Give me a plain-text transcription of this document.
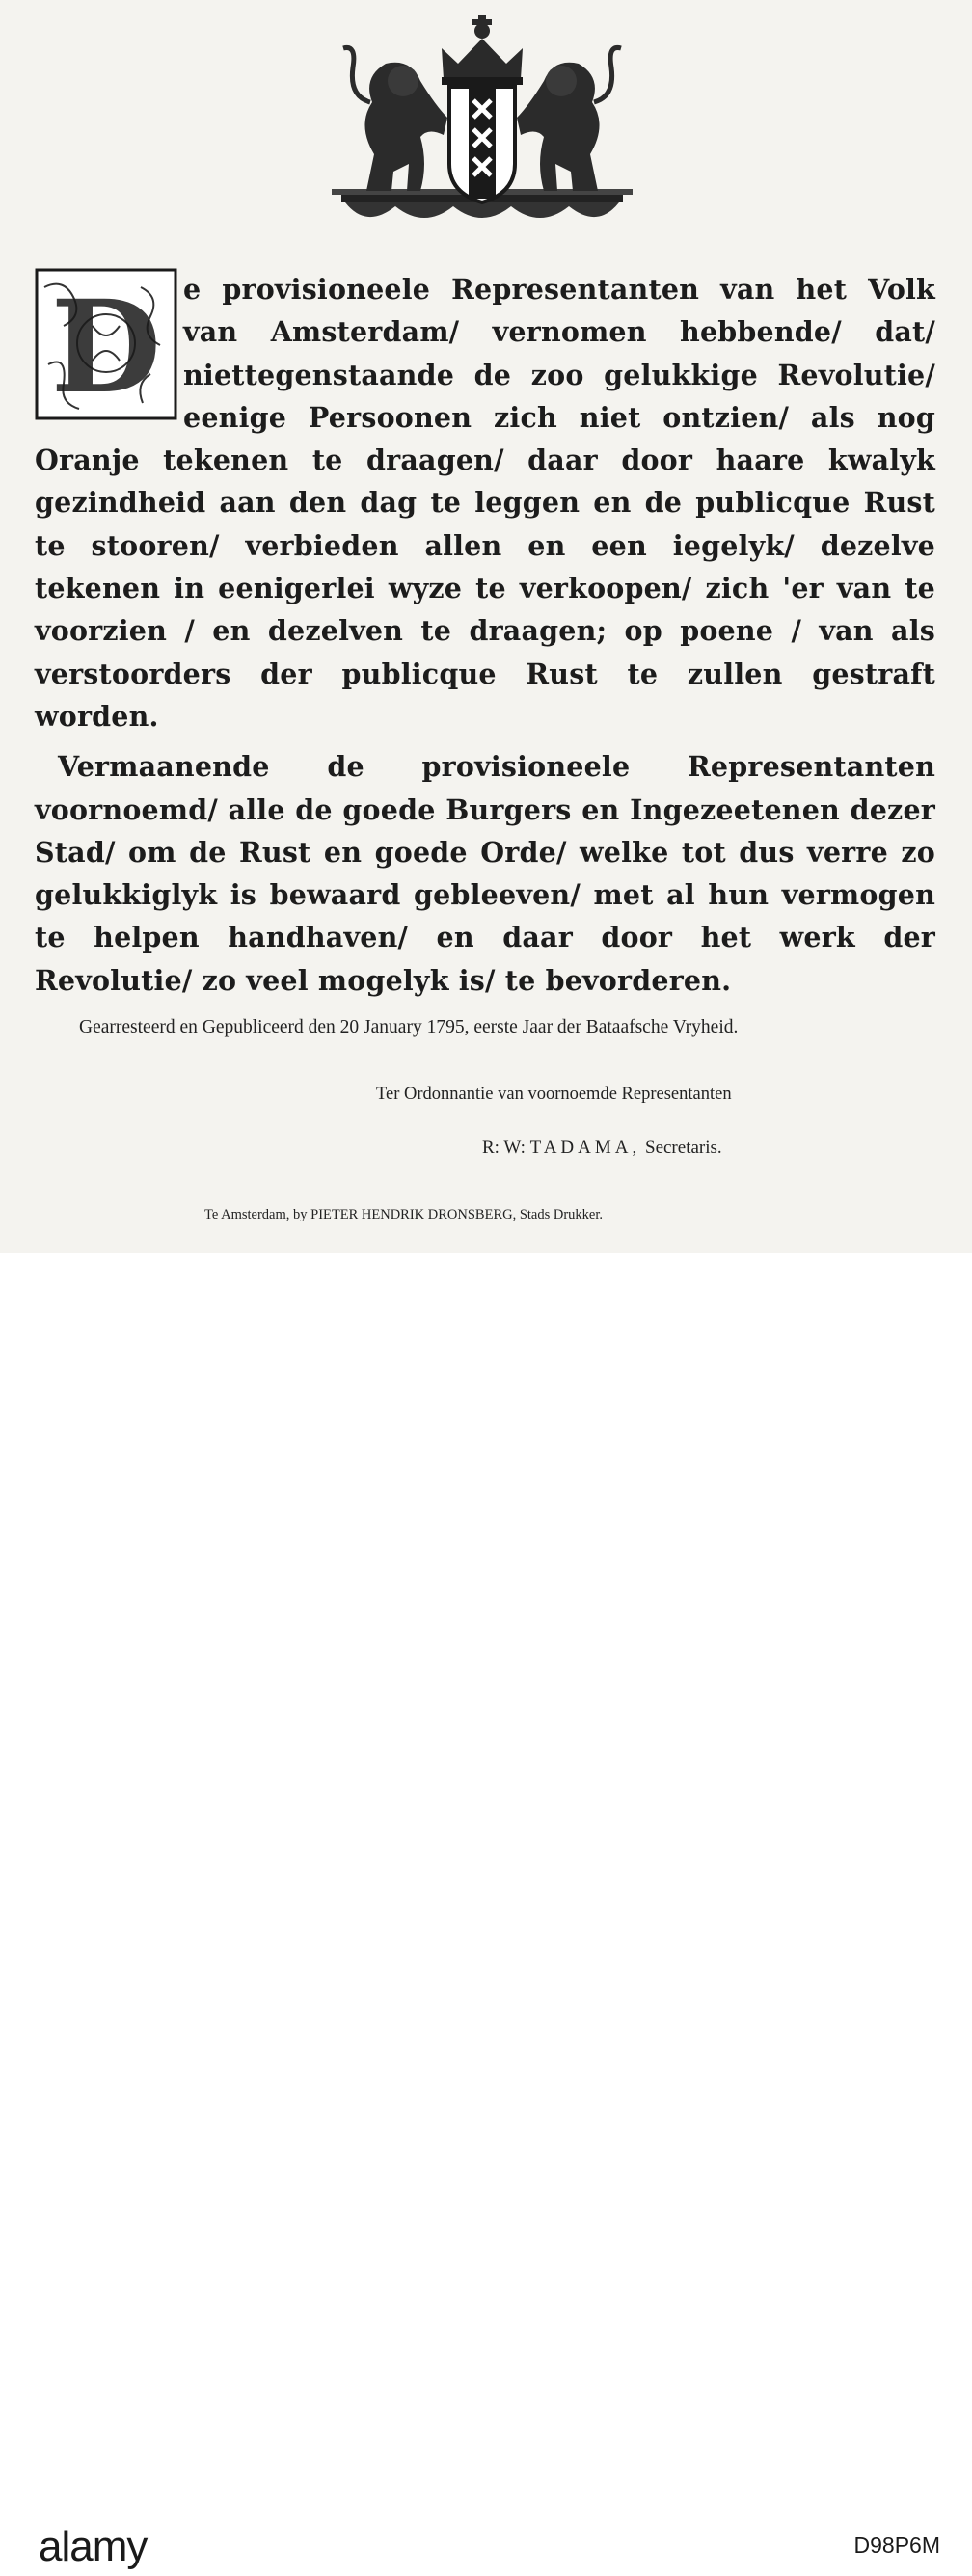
D e provisioneele Representanten van het Volk van Amsterdam/ vernomen hebbende/ dat/ niettegenstaande de zoo gelukkige Revolutie/ eenige Persoonen zich niet ontzien/ als nog Oranje tekenen te draagen/ daar door haare kwalyk gezindheid aan den dag te leggen en de publicque Rust te stooren/ verbieden allen en een iegelyk/ dezelve tekenen in eenigerlei wyze te verkoopen/ zich 'er van te voorzien / en dezelven te draagen; op poene / van als verstoorders der publicque Rust te zullen gestraft worden.

Vermaanende de provisioneele Representanten voornoemd/ alle de goede Burgers en Ingezeetenen dezer Stad/ om de Rust en goede Orde/ welke tot dus verre zo gelukkiglyk is bewaard gebleeven/ met al hun vermogen te helpen handhaven/ en daar door het werk der Revolutie/ zo veel mogelyk is/ te bevorderen.

Gearresteerd en Gepubliceerd den 20 January 1795, eerste Jaar der Bataafsche Vryheid.
Ter Ordonnantie van voornoemde Representanten
R: W: TADAMA, Secretaris.
Te Amsterdam, by PIETER HENDRIK DRONSBERG, Stads Drukker.
alamy	D98P6M
